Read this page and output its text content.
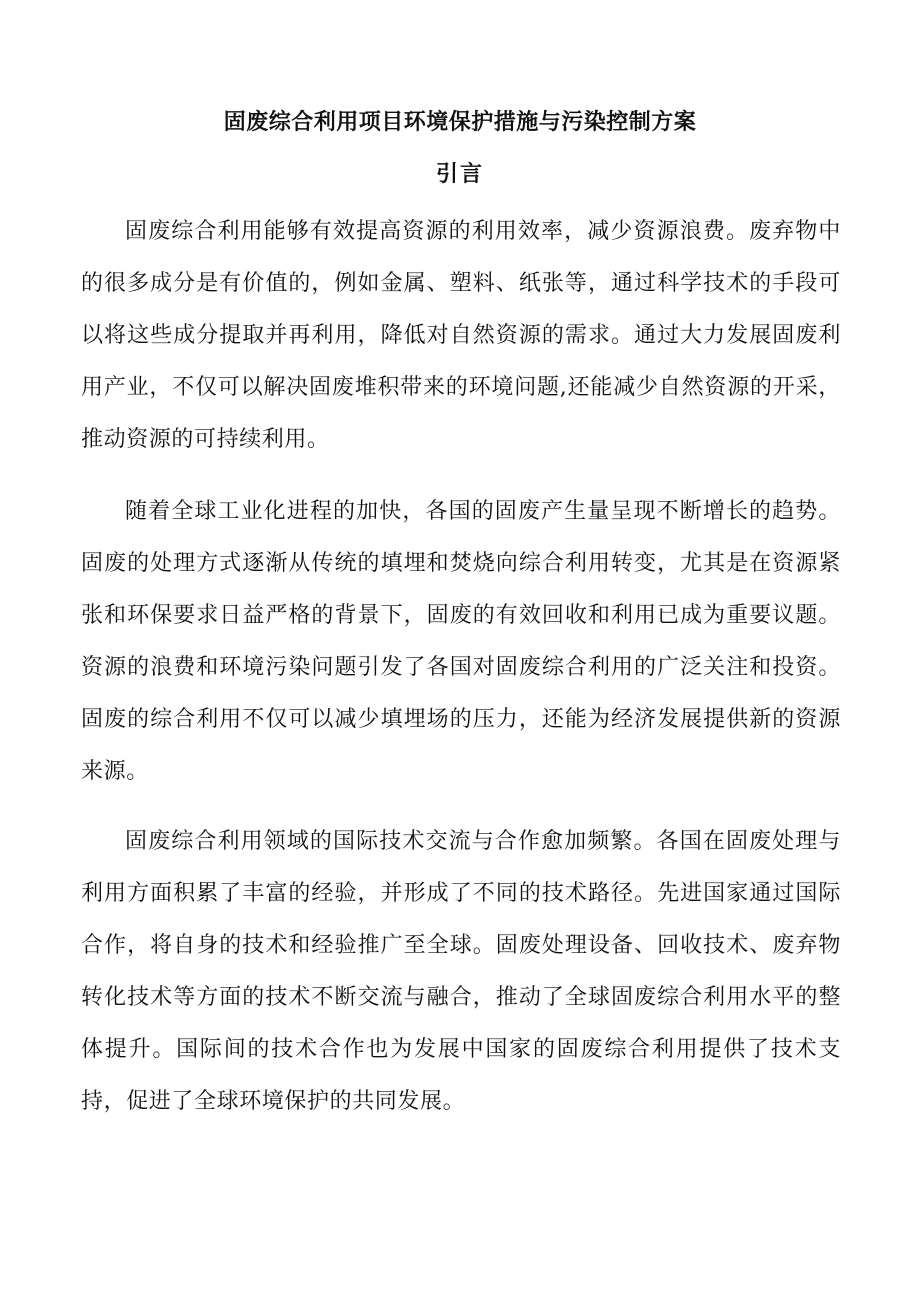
固废综合利用项目环境保护措施与污染控制方案
引言

固废综合利用能够有效提高资源的利用效率，减少资源浪费。废弃物中的很多成分是有价值的，例如金属、塑料、纸张等，通过科学技术的手段可以将这些成分提取并再利用，降低对自然资源的需求。通过大力发展固废利用产业，不仅可以解决固废堆积带来的环境问题,还能减少自然资源的开采，推动资源的可持续利用。

随着全球工业化进程的加快，各国的固废产生量呈现不断增长的趋势。固废的处理方式逐渐从传统的填埋和焚烧向综合利用转变，尤其是在资源紧张和环保要求日益严格的背景下，固废的有效回收和利用已成为重要议题。资源的浪费和环境污染问题引发了各国对固废综合利用的广泛关注和投资。固废的综合利用不仅可以减少填埋场的压力，还能为经济发展提供新的资源来源。

固废综合利用领域的国际技术交流与合作愈加频繁。各国在固废处理与利用方面积累了丰富的经验，并形成了不同的技术路径。先进国家通过国际合作，将自身的技术和经验推广至全球。固废处理设备、回收技术、废弃物转化技术等方面的技术不断交流与融合，推动了全球固废综合利用水平的整体提升。国际间的技术合作也为发展中国家的固废综合利用提供了技术支持，促进了全球环境保护的共同发展。
